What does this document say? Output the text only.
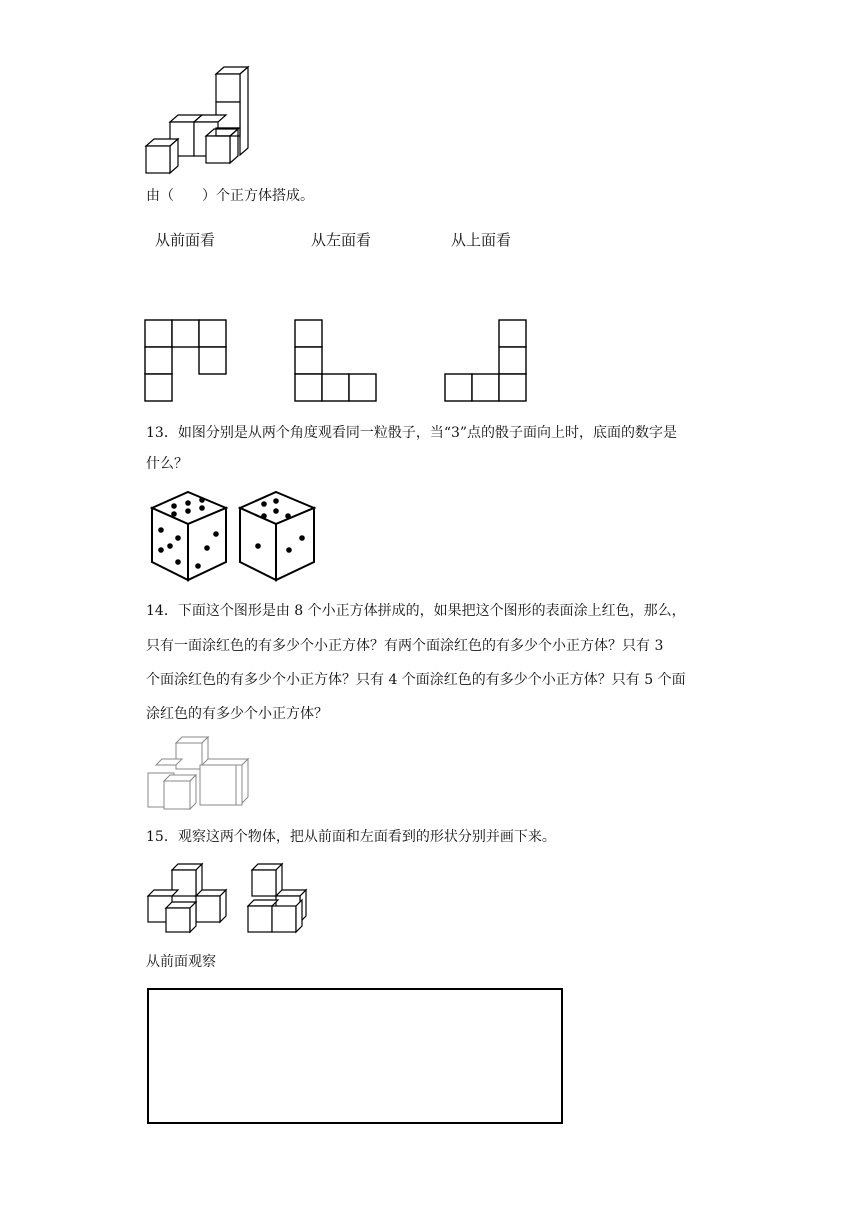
由（　　）个正方体搭成。
从前面看	从左面看	从上面看
13．如图分别是从两个角度观看同一粒骰子，当“3”点的骰子面向上时，底面的数字是
什么？
14．下面这个图形是由 8 个小正方体拼成的，如果把这个图形的表面涂上红色，那么，
只有一面涂红色的有多少个小正方体？有两个面涂红色的有多少个小正方体？只有 3
个面涂红色的有多少个小正方体？只有 4 个面涂红色的有多少个小正方体？只有 5 个面
涂红色的有多少个小正方体？
15．观察这两个物体，把从前面和左面看到的形状分别并画下来。
从前面观察
